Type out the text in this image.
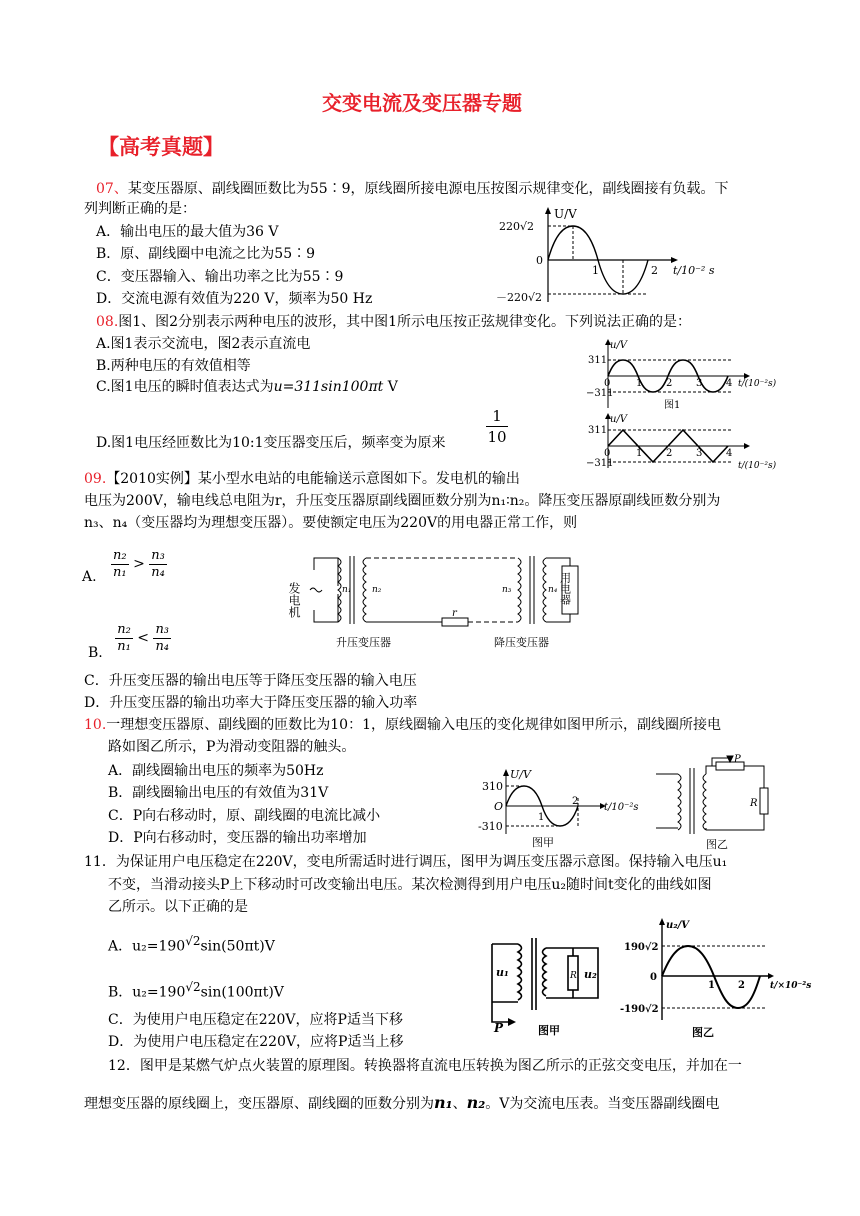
交变电流及变压器专题
【高考真题】
07、某变压器原、副线圈匝数比为55∶9，原线圈所接电源电压按图示规律变化，副线圈接有负载。下
列判断正确的是：
A．输出电压的最大值为36 V
B．原、副线圈中电流之比为55∶9
C．变压器输入、输出功率之比为55∶9
D．交流电源有效值为220 V，频率为50 Hz
U/V
220√2
0
1	2 t/10⁻² s
－220√2
08.图1、图2分别表示两种电压的波形，其中图1所示电压按正弦规律变化。下列说法正确的是：
A.图1表示交流电，图2表示直流电
B.两种电压的有效值相等
C.图1电压的瞬时值表达式为u=311sin100πt V
D.图1电压经匝数比为10:1变压器变压后，频率变为原来	$\frac{1}{10}$
u/V
311
−311
0	1 2 3 4 t/(10⁻²s)
图1
u/V
311
−311
0	1 2 3 4
t/(10⁻²s)
09.【2010实例】某小型水电站的电能输送示意图如下。发电机的输出
电压为200V，输电线总电阻为r，升压变压器原副线圈匝数分别为n₁∶n₂。降压变压器原副线匝数分别为
n₃、n₄（变压器均为理想变压器）。要使额定电压为220V的用电器正常工作，则
A. $\frac{\text{n₂}}{\text{n₁}} > \frac{\text{n₃}}{\text{n₄}}$
B. $\frac{\text{n₂}}{\text{n₁}} < \frac{\text{n₃}}{\text{n₄}}$
发电机	n₁ n₂	n₃	n₄
r
用电器
升压变压器	降压变压器
C．升压变压器的输出电压等于降压变压器的输入电压
D．升压变压器的输出功率大于降压变压器的输入功率
10.一理想变压器原、副线圈的匝数比为10：1，原线圈输入电压的变化规律如图甲所示，副线圈所接电
路如图乙所示，P为滑动变阻器的触头。
A．副线圈输出电压的频率为50Hz
B．副线圈输出电压的有效值为31V
C．P向右移动时，原、副线圈的电流比减小
D．P向右移动时，变压器的输出功率增加
U/V
310
O
1
2
t/10⁻²s
-310
图甲
P
R
图乙
11．为保证用户电压稳定在220V，变电所需适时进行调压，图甲为调压变压器示意图。保持输入电压u₁
不变，当滑动接头P上下移动时可改变输出电压。某次检测得到用户电压u₂随时间t变化的曲线如图
乙所示。以下正确的是
A．$u_2=190^{√2}\sin(50\pi t)V$
B．$u_2=190^{√2}\sin(100\pi t)V$
C．为使用户电压稳定在220V，应将P适当下移
D．为使用户电压稳定在220V，应将P适当上移
u₁	u₂
R
P	图甲
u₂/V
190√2
0
1 2	t/×10⁻²s
-190√2
图乙
12．图甲是某燃气炉点火装置的原理图。转换器将直流电压转换为图乙所示的正弦交变电压，并加在一
理想变压器的原线圈上，变压器原、副线圈的匝数分别为n₁、n₂。V为交流电压表。当变压器副线圈电
